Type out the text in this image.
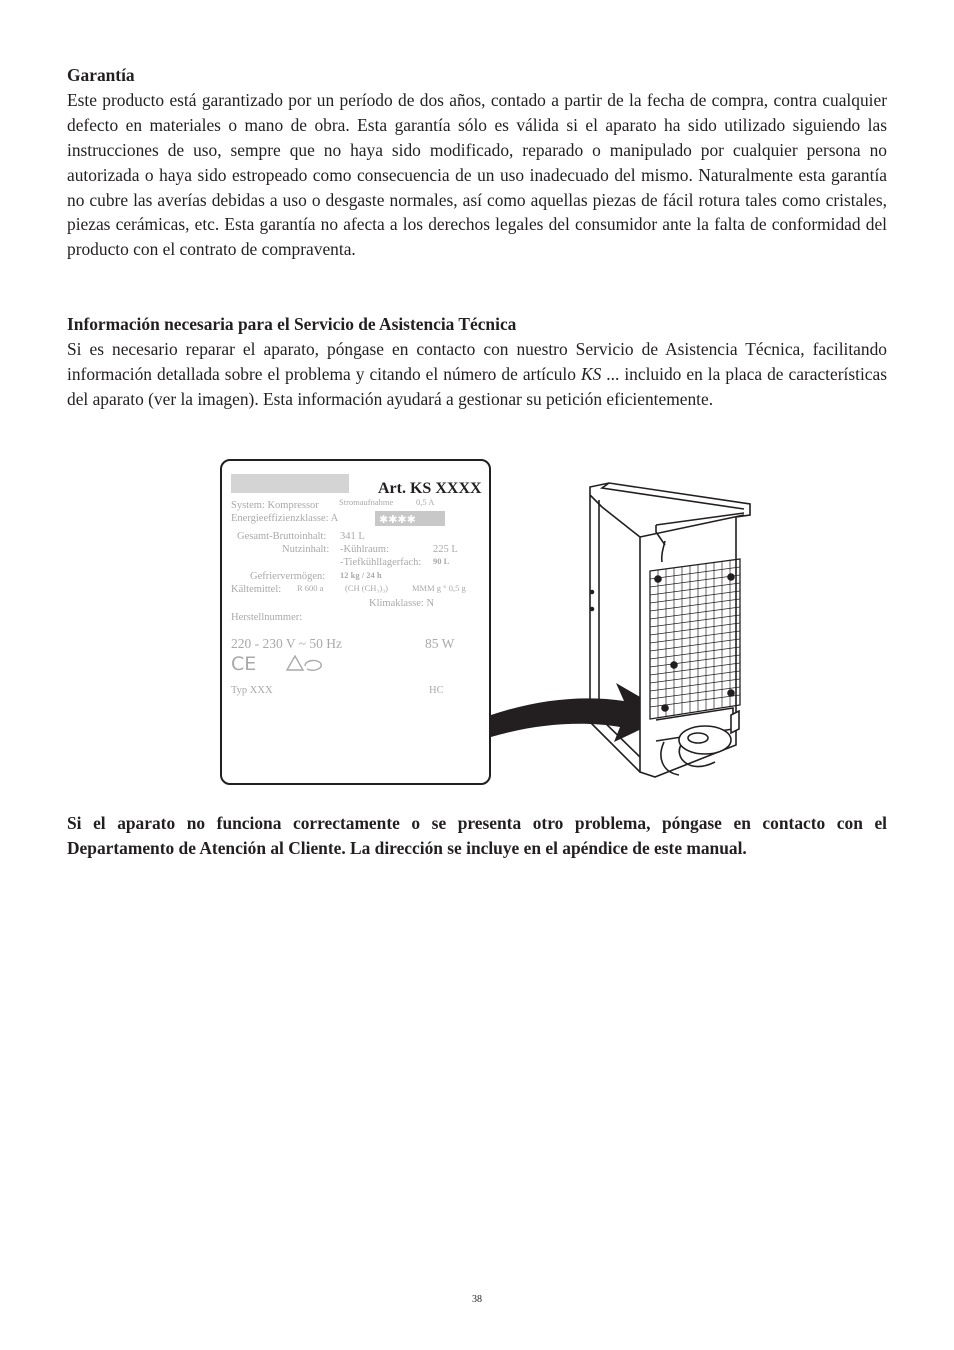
Garantía

Este producto está garantizado por un período de dos años, contado a partir de la fecha de compra, contra cualquier defecto en materiales o mano de obra. Esta garantía sólo es válida si el aparato ha sido utilizado siguiendo las instrucciones de uso, sempre que no haya sido modificado, reparado o manipulado por cualquier persona no autorizada o haya sido estropeado como consecuencia de un uso inadecuado del mismo. Naturalmente esta garantía no cubre las averías debidas a uso o desgaste normales, así como aquellas piezas de fácil rotura tales como cristales, piezas cerámicas, etc. Esta garantía no afecta a los derechos legales del consumidor ante la falta de conformidad del producto con el contrato de compraventa.

Información necesaria para el Servicio de Asistencia Técnica

Si es necesario reparar el aparato, póngase en contacto con nuestro Servicio de Asistencia Técnica, facilitando información detallada sobre el problema y citando el número de artículo KS ... incluido en la placa de características del aparato (ver la imagen). Esta información ayudará a gestionar su petición eficientemente.

Art. KS XXXX
System: Kompressor Stromaufnahme	0,5 A
Energieeffizienzklasse: A	✱✱✱✱
Gesamt-Bruttoinhalt: 341 L
Nutzinhalt: -Kühlraum:	225 L
-Tiefkühllagerfach: 90 L
Gefriervermögen: 12 kg / 24 h
Kältemittel: R 600 a	(CH (CH₃)₃)	MMM g ° 0,5 g
Klimaklasse: N
Herstellnummer:
220 - 230 V ~ 50 Hz	85 W
CE
Typ XXX	HC

Si el aparato no funciona correctamente o se presenta otro problema, póngase en contacto con el Departamento de Atención al Cliente. La dirección se incluye en el apéndice de este manual.

38
